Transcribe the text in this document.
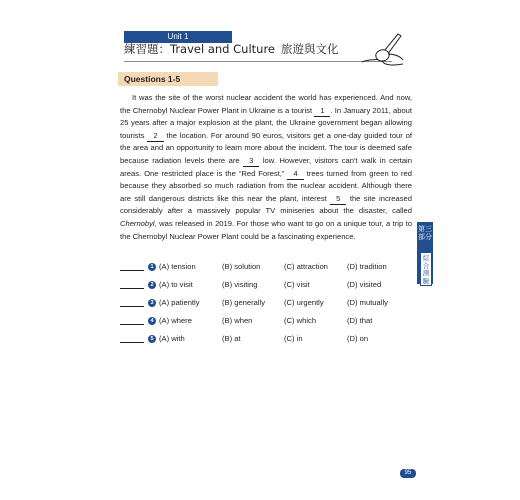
Unit 1
練習題：Travel and Culture 旅遊與文化
Questions 1-5
It was the site of the worst nuclear accident the world has experienced. And now, the Chernobyl Nuclear Power Plant in Ukraine is a tourist 1 . In January 2011, about 25 years after a major explosion at the plant, the Ukraine government began allowing tourists 2 the location. For around 90 euros, visitors get a one-day guided tour of the area and an opportunity to learn more about the incident. The tour is deemed safe because radiation levels there are 3 low. However, visitors can't walk in certain areas. One restricted place is the “Red Forest,” 4 trees turned from green to red because they absorbed so much radiation from the nuclear accident. Although there are still dangerous districts like this near the plant, interest 5 the site increased considerably after a massively popular TV miniseries about the disaster, called Chernobyl, was released in 2019. For those who want to go on a unique tour, a trip to the Chernobyl Nuclear Power Plant could be a fascinating experience.
第三部分
綜合測驗
1 (A) tension	(B) solution	(C) attraction	(D) tradition
2 (A) to visit	(B) visiting	(C) visit	(D) visited
3 (A) patiently	(B) generally (C) urgently	(D) mutually
4 (A) where	(B) when	(C) which	(D) that
5 (A) with	(B) at	(C) in	(D) on
95
